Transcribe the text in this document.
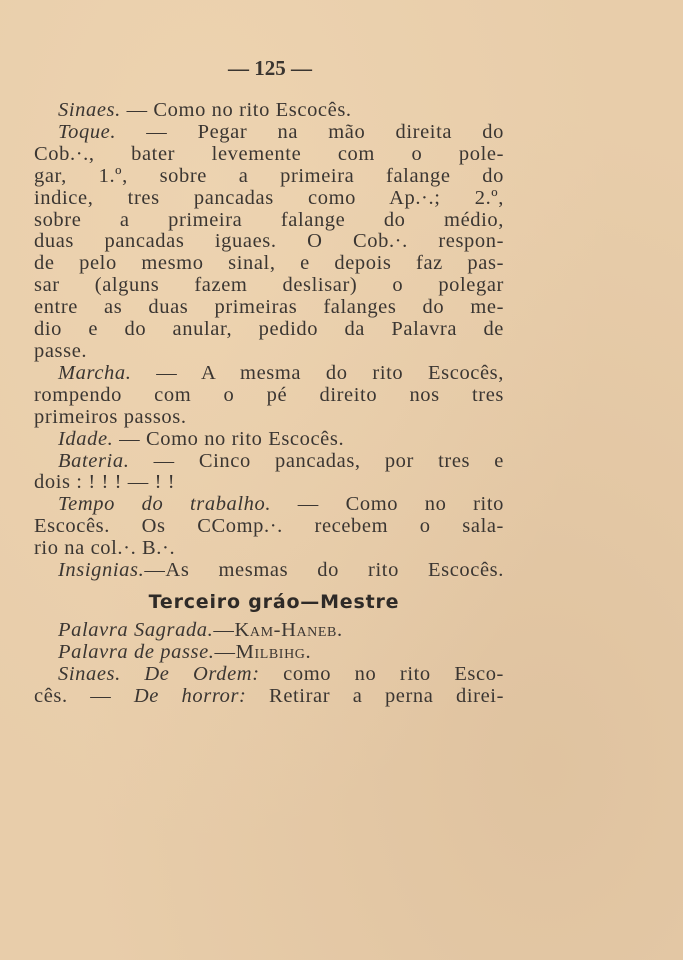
— 125 —
Sinaes. — Como no rito Escocês.
Toque. — Pegar na mão direita do
Cob.·., bater levemente com o pole-
gar, 1.º, sobre a primeira falange do
indice, tres pancadas como Ap.·.; 2.º,
sobre a primeira falange do médio,
duas pancadas iguaes. O Cob.·. respon-
de pelo mesmo sinal, e depois faz pas-
sar (alguns fazem deslisar) o polegar
entre as duas primeiras falanges do me-
dio e do anular, pedido da Palavra de
passe.
Marcha. — A mesma do rito Escocês,
rompendo com o pé direito nos tres
primeiros passos.
Idade. — Como no rito Escocês.
Bateria. — Cinco pancadas, por tres e
dois : ! ! ! — ! !
Tempo do trabalho. — Como no rito
Escocês. Os CComp.·. recebem o sala-
rio na col.·. B.·.
Insignias.—As mesmas do rito Escocês.
Terceiro gráo—Mestre
Palavra Sagrada.—Kam-Haneb.
Palavra de passe.—Milbihg.
Sinaes. De Ordem: como no rito Esco-
cês. — De horror: Retirar a perna direi-
